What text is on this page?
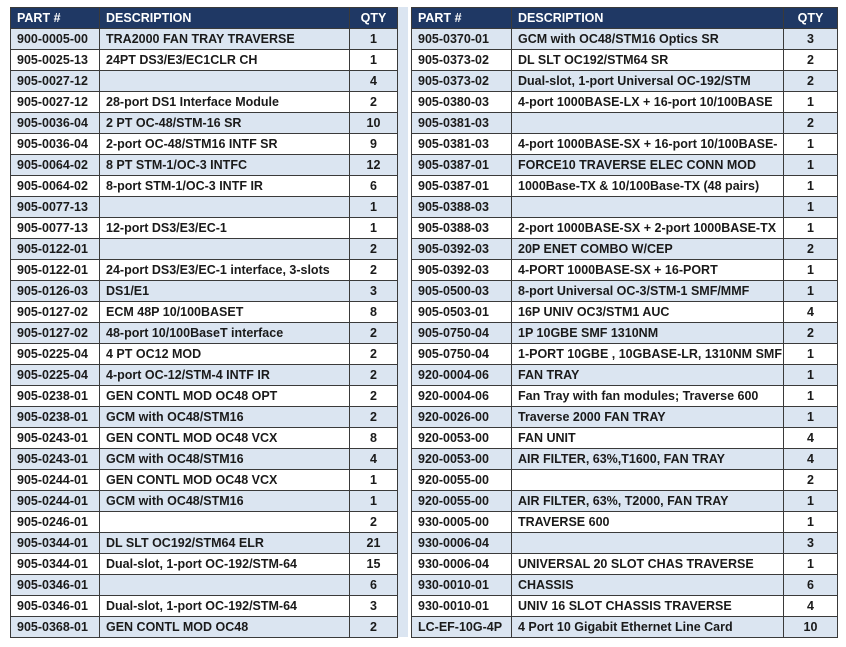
PART #	DESCRIPTION	QTY
900-0005-00	TRA2000 FAN TRAY TRAVERSE	1
905-0025-13	24PT DS3/E3/EC1CLR CH	1
905-0027-12		4
905-0027-12	28-port DS1 Interface Module	2
905-0036-04	2 PT OC-48/STM-16 SR	10
905-0036-04	2-port OC-48/STM16 INTF SR	9
905-0064-02	8 PT STM-1/OC-3 INTFC	12
905-0064-02	8-port STM-1/OC-3 INTF IR	6
905-0077-13		1
905-0077-13	12-port DS3/E3/EC-1	1
905-0122-01		2
905-0122-01	24-port DS3/E3/EC-1 interface, 3-slots	2
905-0126-03	DS1/E1	3
905-0127-02	ECM 48P 10/100BASET	8
905-0127-02	48-port 10/100BaseT interface	2
905-0225-04	4 PT OC12 MOD	2
905-0225-04	4-port OC-12/STM-4 INTF IR	2
905-0238-01	GEN CONTL MOD OC48 OPT	2
905-0238-01	GCM with OC48/STM16	2
905-0243-01	GEN CONTL MOD OC48 VCX	8
905-0243-01	GCM with OC48/STM16	4
905-0244-01	GEN CONTL MOD OC48 VCX	1
905-0244-01	GCM with OC48/STM16	1
905-0246-01		2
905-0344-01	DL SLT OC192/STM64 ELR	21
905-0344-01	Dual-slot, 1-port OC-192/STM-64	15
905-0346-01		6
905-0346-01	Dual-slot, 1-port OC-192/STM-64	3
905-0368-01	GEN CONTL MOD OC48	2
PART #	DESCRIPTION	QTY
905-0370-01	GCM with OC48/STM16 Optics SR	3
905-0373-02	DL SLT OC192/STM64 SR	2
905-0373-02	Dual-slot, 1-port Universal OC-192/STM	2
905-0380-03	4-port 1000BASE-LX + 16-port 10/100BASE	1
905-0381-03		2
905-0381-03	4-port 1000BASE-SX + 16-port 10/100BASE-	1
905-0387-01	FORCE10 TRAVERSE ELEC CONN MOD	1
905-0387-01	1000Base-TX & 10/100Base-TX (48 pairs)	1
905-0388-03		1
905-0388-03	2-port 1000BASE-SX + 2-port 1000BASE-TX	1
905-0392-03	20P ENET COMBO W/CEP	2
905-0392-03	4-PORT 1000BASE-SX + 16-PORT	1
905-0500-03	8-port Universal OC-3/STM-1 SMF/MMF	1
905-0503-01	16P UNIV OC3/STM1 AUC	4
905-0750-04	1P 10GBE SMF 1310NM	2
905-0750-04	1-PORT 10GBE , 10GBASE-LR, 1310NM SMF	1
920-0004-06	FAN TRAY	1
920-0004-06	Fan Tray with fan modules; Traverse 600	1
920-0026-00	Traverse 2000 FAN TRAY	1
920-0053-00	FAN UNIT	4
920-0053-00	AIR FILTER, 63%,T1600, FAN TRAY	4
920-0055-00		2
920-0055-00	AIR FILTER, 63%, T2000, FAN TRAY	1
930-0005-00	TRAVERSE 600	1
930-0006-04		3
930-0006-04	UNIVERSAL 20 SLOT CHAS TRAVERSE	1
930-0010-01	CHASSIS	6
930-0010-01	UNIV 16 SLOT CHASSIS TRAVERSE	4
LC-EF-10G-4P	4 Port 10 Gigabit Ethernet Line Card	10
